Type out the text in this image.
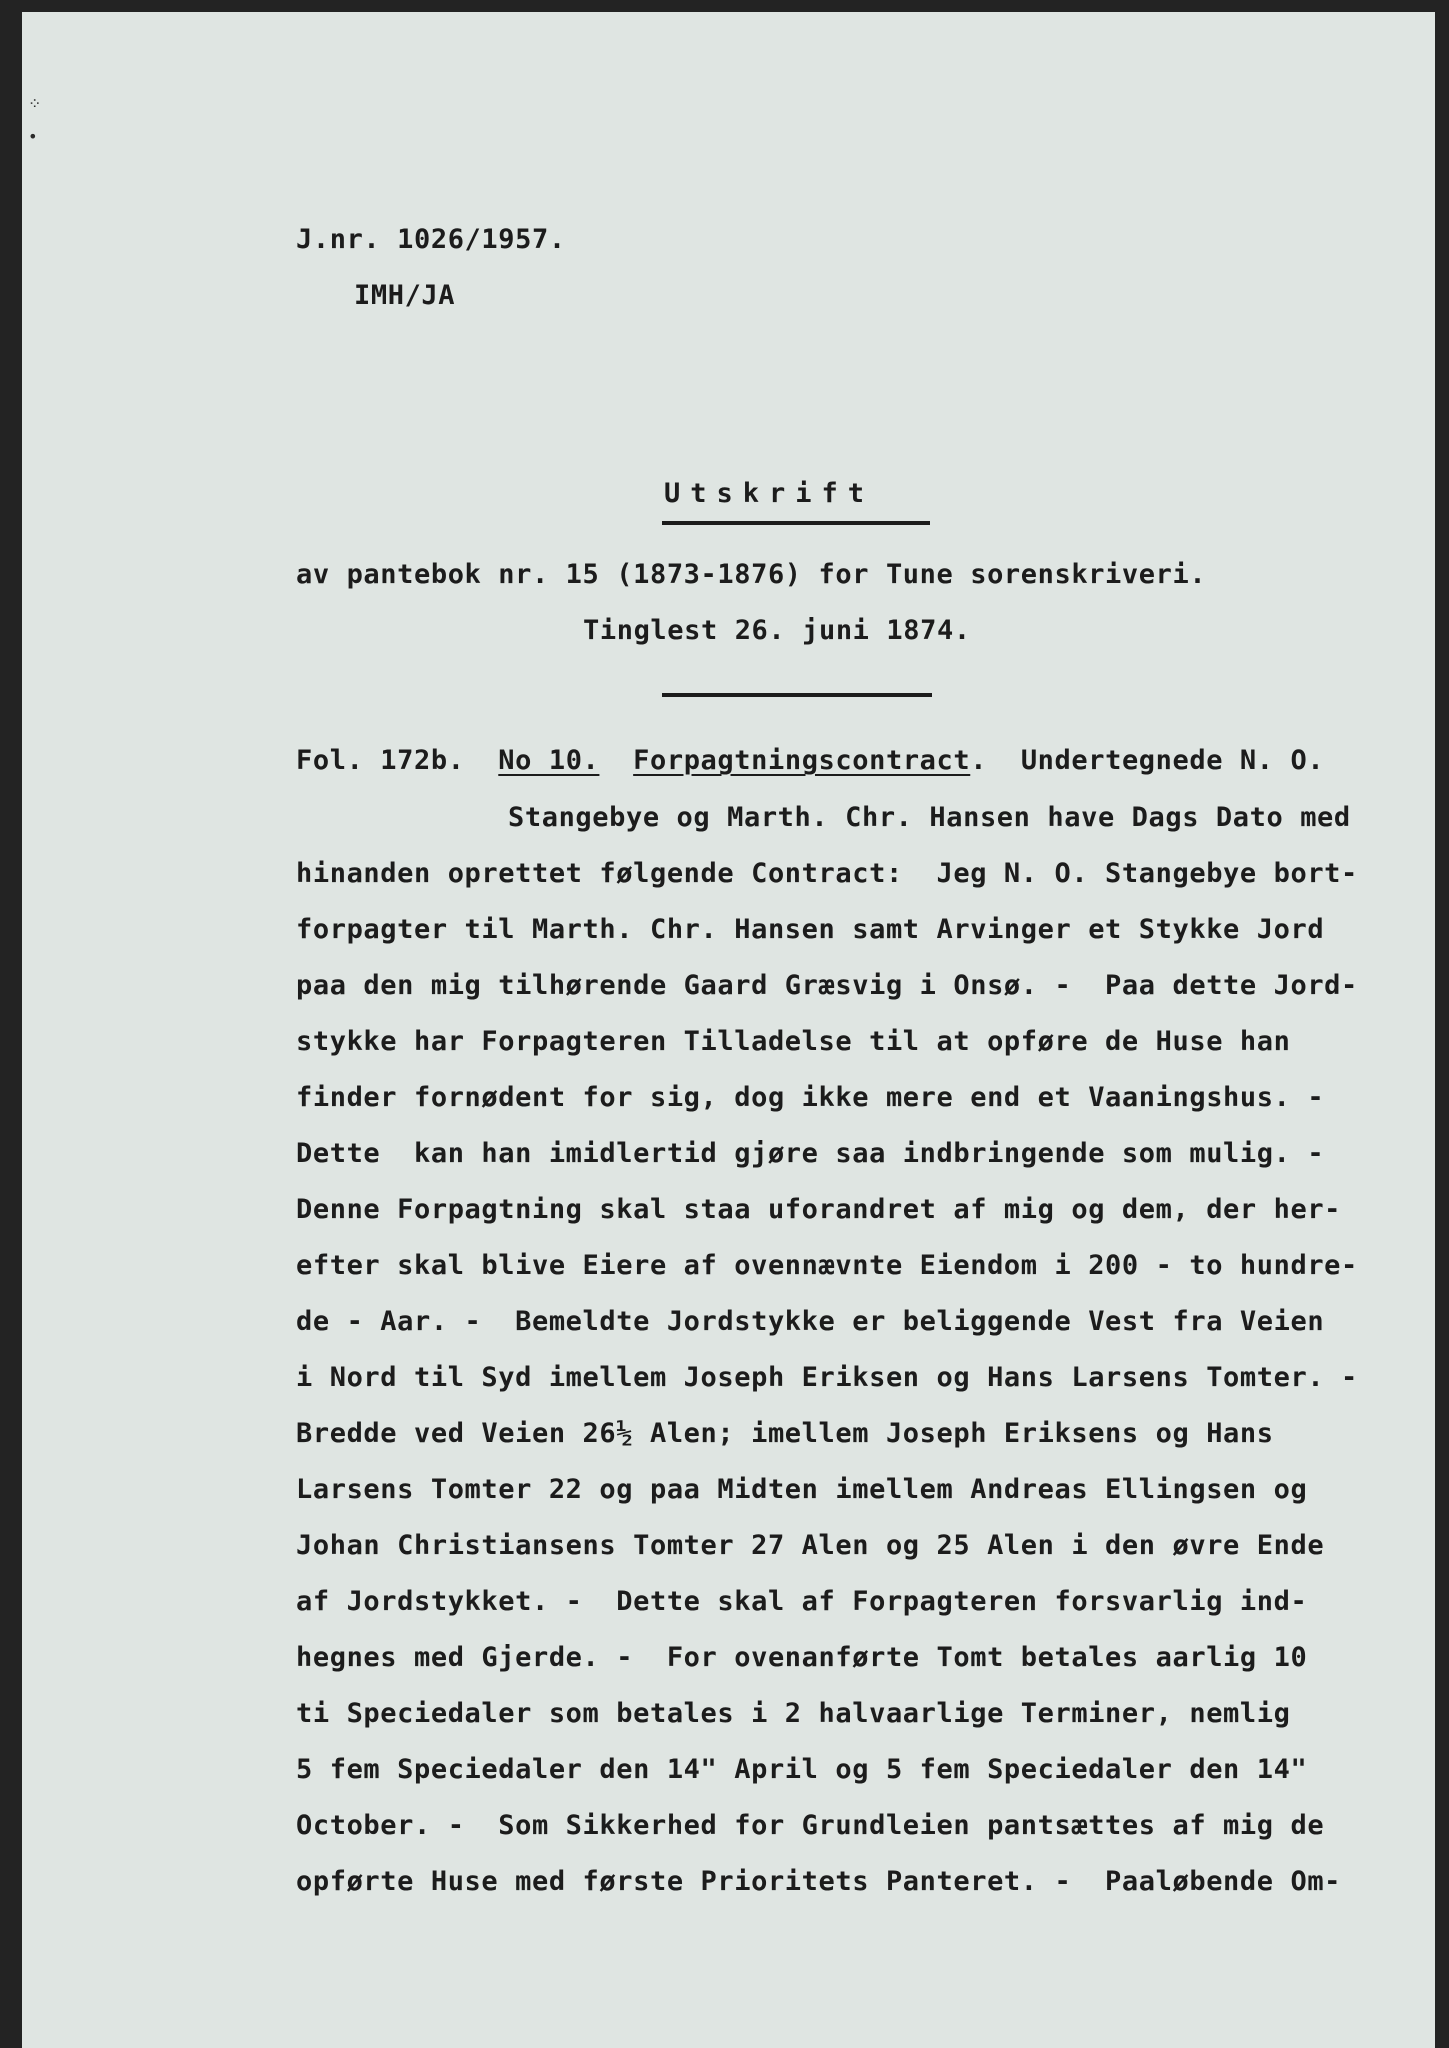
⁘
•
J.nr. 1026/1957.
IMH/JA
Utskrift
av pantebok nr. 15 (1873-1876) for Tune sorenskriveri.
Tinglest 26. juni 1874.
Fol. 172b. No 10. Forpagtningscontract.  Undertegnede N. O.
Stangebye og Marth. Chr. Hansen have Dags Dato med
hinanden oprettet følgende Contract:  Jeg N. O. Stangebye bort-
forpagter til Marth. Chr. Hansen samt Arvinger et Stykke Jord
paa den mig tilhørende Gaard Græsvig i Onsø. -  Paa dette Jord-
stykke har Forpagteren Tilladelse til at opføre de Huse han
finder fornødent for sig, dog ikke mere end et Vaaningshus. -
Dette  kan han imidlertid gjøre saa indbringende som mulig. -
Denne Forpagtning skal staa uforandret af mig og dem, der her-
efter skal blive Eiere af ovennævnte Eiendom i 200 - to hundre-
de - Aar. -  Bemeldte Jordstykke er beliggende Vest fra Veien
i Nord til Syd imellem Joseph Eriksen og Hans Larsens Tomter. -
Bredde ved Veien 26½ Alen; imellem Joseph Eriksens og Hans
Larsens Tomter 22 og paa Midten imellem Andreas Ellingsen og
Johan Christiansens Tomter 27 Alen og 25 Alen i den øvre Ende
af Jordstykket. -  Dette skal af Forpagteren forsvarlig ind-
hegnes med Gjerde. -  For ovenanførte Tomt betales aarlig 10
ti Speciedaler som betales i 2 halvaarlige Terminer, nemlig
5 fem Speciedaler den 14" April og 5 fem Speciedaler den 14"
October. -  Som Sikkerhed for Grundleien pantsættes af mig de
opførte Huse med første Prioritets Panteret. -  Paaløbende Om-
